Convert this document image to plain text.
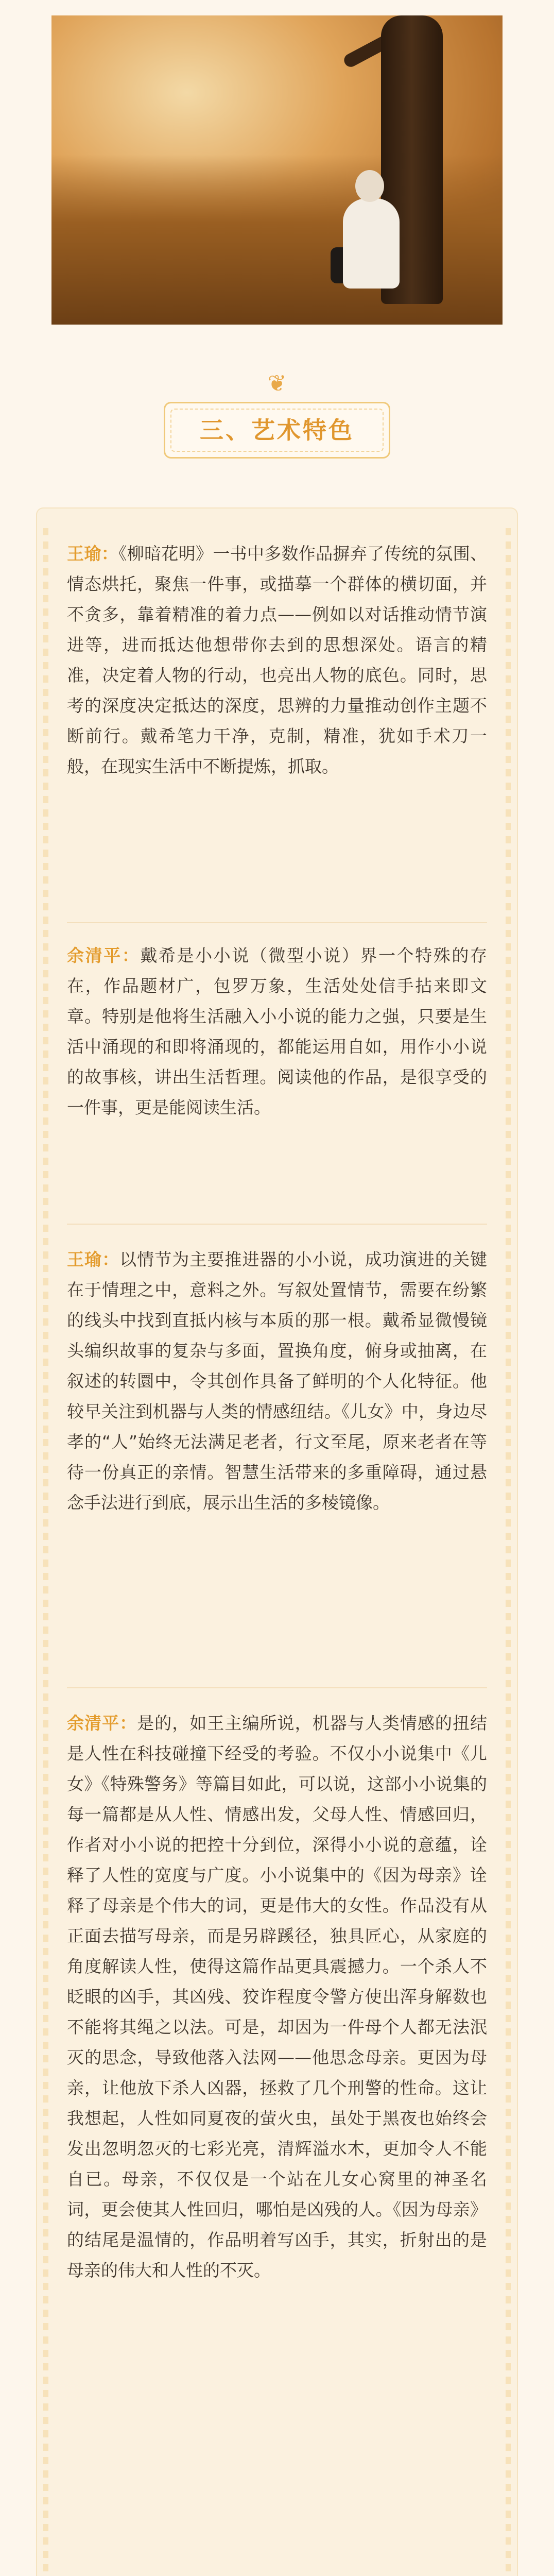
❦
三、艺术特色

王瑜：《柳暗花明》一书中多数作品摒弃了传统的氛围、情态烘托，聚焦一件事，或描摹一个群体的横切面，并不贪多，靠着精准的着力点——例如以对话推动情节演进等，进而抵达他想带你去到的思想深处。语言的精准，决定着人物的行动，也亮出人物的底色。同时，思考的深度决定抵达的深度，思辨的力量推动创作主题不断前行。戴希笔力干净，克制，精准，犹如手术刀一般，在现实生活中不断提炼，抓取。

余清平：戴希是小小说（微型小说）界一个特殊的存在，作品题材广，包罗万象，生活处处信手拈来即文章。特别是他将生活融入小小说的能力之强，只要是生活中涌现的和即将涌现的，都能运用自如，用作小小说的故事核，讲出生活哲理。阅读他的作品，是很享受的一件事，更是能阅读生活。

王瑜：以情节为主要推进器的小小说，成功演进的关键在于情理之中，意料之外。写叙处置情节，需要在纷繁的线头中找到直抵内核与本质的那一根。戴希显微慢镜头编织故事的复杂与多面，置换角度，俯身或抽离，在叙述的转圜中，令其创作具备了鲜明的个人化特征。他较早关注到机器与人类的情感纽结。《儿女》中，身边尽孝的“人”始终无法满足老者，行文至尾，原来老者在等待一份真正的亲情。智慧生活带来的多重障碍，通过悬念手法进行到底，展示出生活的多棱镜像。

余清平：是的，如王主编所说，机器与人类情感的扭结是人性在科技碰撞下经受的考验。不仅小小说集中《儿女》《特殊警务》等篇目如此，可以说，这部小小说集的每一篇都是从人性、情感出发，父母人性、情感回归，作者对小小说的把控十分到位，深得小小说的意蕴，诠释了人性的宽度与广度。小小说集中的《因为母亲》诠释了母亲是个伟大的词，更是伟大的女性。作品没有从正面去描写母亲，而是另辟蹊径，独具匠心，从家庭的角度解读人性，使得这篇作品更具震撼力。一个杀人不眨眼的凶手，其凶残、狡诈程度令警方使出浑身解数也不能将其绳之以法。可是，却因为一件母个人都无法泯灭的思念，导致他落入法网——他思念母亲。更因为母亲，让他放下杀人凶器，拯救了几个刑警的性命。这让我想起，人性如同夏夜的萤火虫，虽处于黑夜也始终会发出忽明忽灭的七彩光亮，清辉溢水木，更加令人不能自已。母亲，不仅仅是一个站在儿女心窝里的神圣名词，更会使其人性回归，哪怕是凶残的人。《因为母亲》的结尾是温情的，作品明着写凶手，其实，折射出的是母亲的伟大和人性的不灭。
